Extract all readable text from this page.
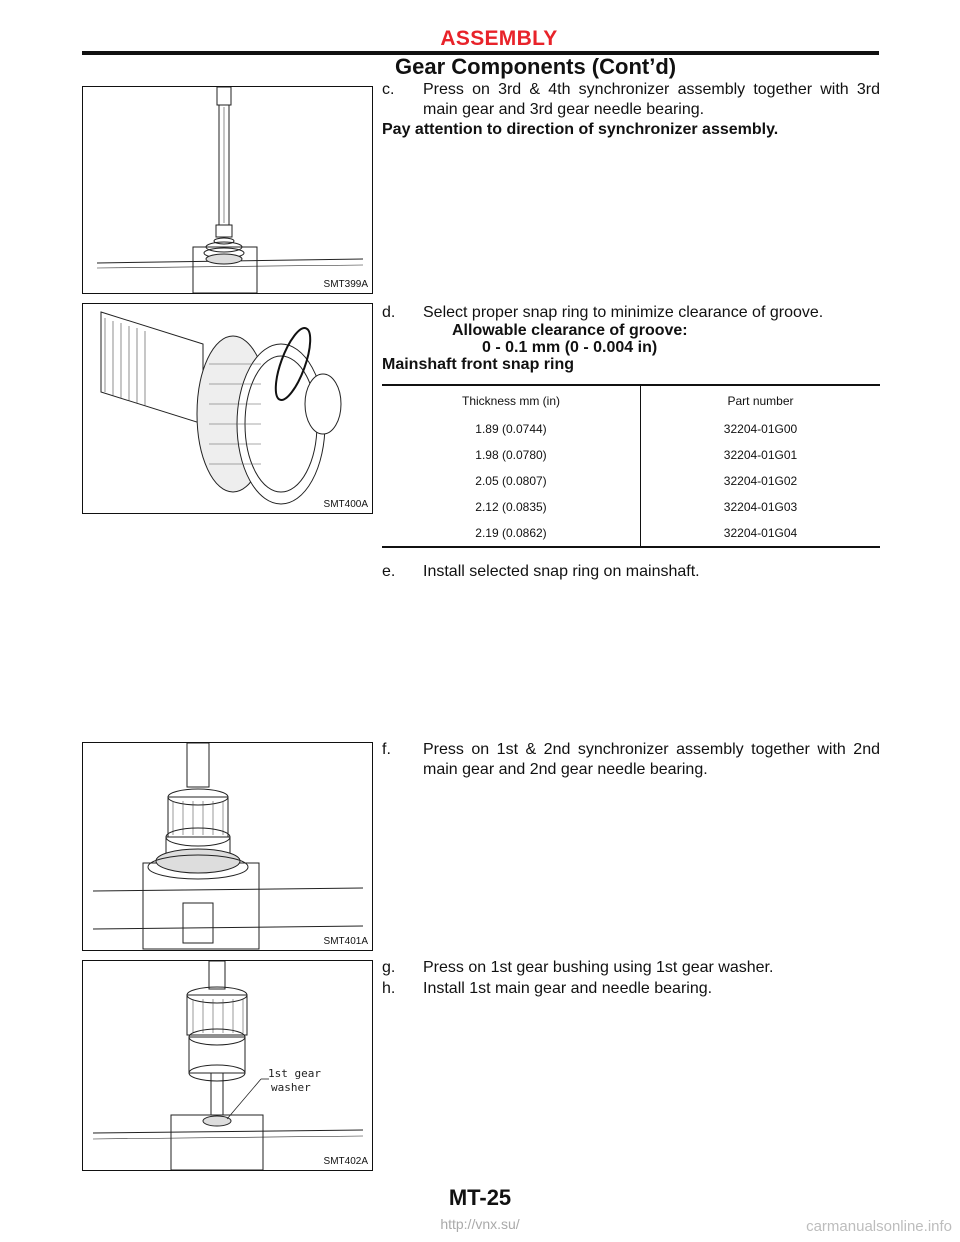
ASSEMBLY
Gear Components (Cont’d)
SMT399A
SMT400A
SMT401A
1st gear
washer
SMT402A
c. Press on 3rd & 4th synchronizer assembly together with 3rd main gear and 3rd gear needle bearing.
Pay attention to direction of synchronizer assembly.
d. Select proper snap ring to minimize clearance of groove.
Allowable clearance of groove:
0 - 0.1 mm (0 - 0.004 in)
Mainshaft front snap ring
Thickness mm (in)	Part number
1.89 (0.0744)	32204-01G00
1.98 (0.0780)	32204-01G01
2.05 (0.0807)	32204-01G02
2.12 (0.0835)	32204-01G03
2.19 (0.0862)	32204-01G04
e. Install selected snap ring on mainshaft.
f. Press on 1st & 2nd synchronizer assembly together with 2nd main gear and 2nd gear needle bearing.
g. Press on 1st gear bushing using 1st gear washer.
h. Install 1st main gear and needle bearing.
MT-25
http://vnx.su/	carmanualsonline.info
